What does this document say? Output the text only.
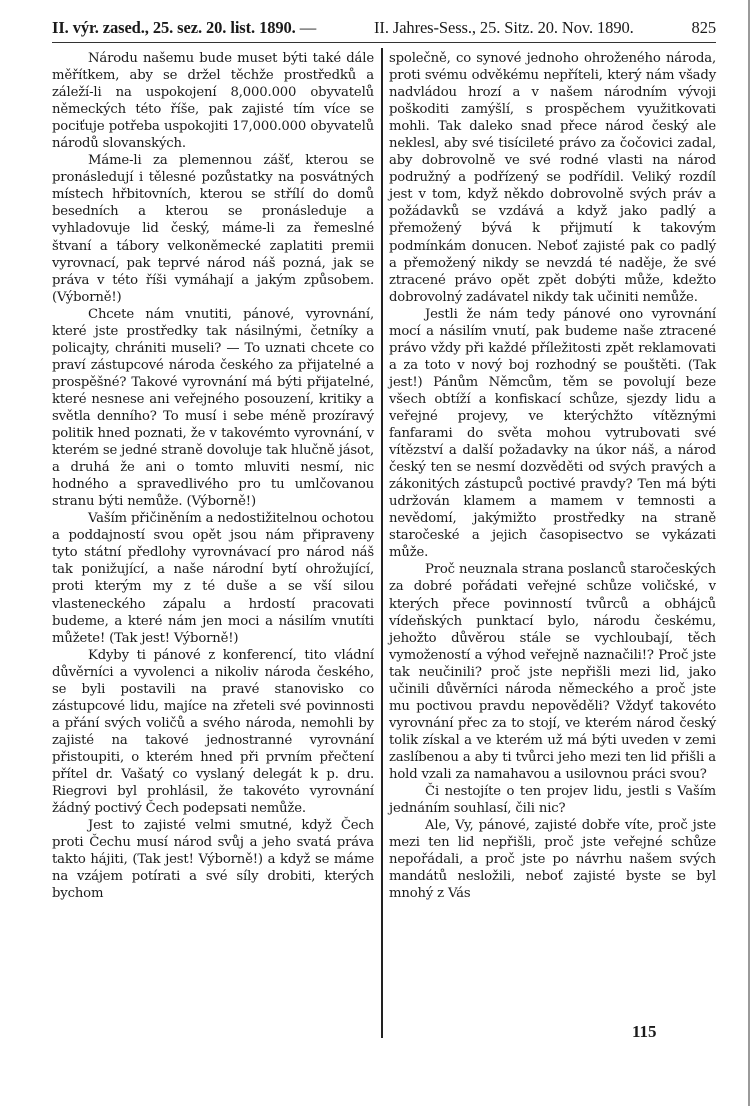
II. výr. zased., 25. sez. 20. list. 1890. —	II. Jahres-Sess., 25. Sitz. 20. Nov. 1890.	825

Národu našemu bude muset býti také dále měřítkem, aby se držel těchže prostředků a záleží-li na uspokojení 8,000.000 obyvatelů německých této říše, pak zajisté tím více se pociťuje potřeba uspokojiti 17,000.000 obyvatelů národů slovanských.

Máme-li za plemennou zášť, kterou se pronásledují i tělesné pozůstatky na posvátných místech hřbitovních, kterou se střílí do domů besedních a kterou se pronásleduje a vyhladovuje lid český, máme-li za řemeslné štvaní a tábory velkoněmecké zaplatiti premii vyrovnací, pak teprvé národ náš pozná, jak se práva v této říši vymáhají a jakým způsobem. (Výborně!)

Chcete nám vnutiti, pánové, vyrovnání, které jste prostředky tak násilnými, četníky a policajty, chrániti museli? — To uznati chcete co praví zástupcové národa českého za přijatelné a prospěšné? Takové vyrovnání má býti přijatelné, které nesnese ani veřejného posouzení, kritiky a světla denního? To musí i sebe méně prozíravý politik hned poznati, že v takovémto vyrovnání, v kterém se jedné straně dovoluje tak hlučně jásot, a druhá že ani o tomto mluviti nesmí, nic hodného a spravedlivého pro tu umlčovanou stranu býti nemůže. (Výborně!)

Vaším přičiněním a nedostižitelnou ochotou a poddajností svou opět jsou nám připraveny tyto státní předlohy vyrovnávací pro národ náš tak ponižující, a naše národní bytí ohrožující, proti kterým my z té duše a se vší silou vlasteneckého zápalu a hrdostí pracovati budeme, a které nám jen moci a násilím vnutíti můžete! (Tak jest! Výborně!)

Kdyby ti pánové z konferencí, tito vládní důvěrníci a vyvolenci a nikoliv národa českého, se byli postavili na pravé stanovisko co zástupcové lidu, majíce na zřeteli své povinnosti a přání svých voličů a svého národa, nemohli by zajisté na takové jednostranné vyrovnání přistoupiti, o kterém hned při prvním přečtení přítel dr. Vašatý co vyslaný delegát k p. dru. Riegrovi byl prohlásil, že takovéto vyrovnání žádný poctivý Čech podepsati nemůže.

Jest to zajisté velmi smutné, když Čech proti Čechu musí národ svůj a jeho svatá práva takto hájiti, (Tak jest! Výborně!) a když se máme na vzájem potírati a své síly drobiti, kterých bychom

společně, co synové jednoho ohroženého národa, proti svému odvěkému nepříteli, který nám všady nadvládou hrozí a v našem národním vývoji poškoditi zamýšlí, s prospěchem využitkovati mohli. Tak daleko snad přece národ český ale neklesl, aby své tisícileté právo za čočovici zadal, aby dobrovolně ve své rodné vlasti na národ podružný a podřízený se podřídil. Veliký rozdíl jest v tom, když někdo dobrovolně svých práv a požádavků se vzdává a když jako padlý a přemožený bývá k přijmutí k takovým podmínkám donucen. Neboť zajisté pak co padlý a přemožený nikdy se nevzdá té naděje, že své ztracené právo opět zpět dobýti může, kdežto dobrovolný zadávatel nikdy tak učiniti nemůže.

Jestli že nám tedy pánové ono vyrovnání mocí a násilím vnutí, pak budeme naše ztracené právo vždy při každé příležitosti zpět reklamovati a za toto v nový boj rozhodný se pouštěti. (Tak jest!) Pánům Němcům, těm se povolují beze všech obtíží a konfiskací schůze, sjezdy lidu a veřejné projevy, ve kterýchžto vítěznými fanfarami do světa mohou vytrubovati své vítězství a další požadavky na úkor náš, a národ český ten se nesmí dozvěděti od svých pravých a zákonitých zástupců poctivé pravdy? Ten má býti udržován klamem a mamem v temnosti a nevědomí, jakýmižto prostředky na straně staročeské a jejich časopisectvo se vykázati může.

Proč neuznala strana poslanců staročeských za dobré pořádati veřejné schůze voličské, v kterých přece povinností tvůrců a obhájců vídeňských punktací bylo, národu českému, jehožto důvěrou stále se vychloubají, těch vymožeností a výhod veřejně naznačili!? Proč jste tak neučinili? proč jste nepřišli mezi lid, jako učinili důvěrníci národa německého a proč jste mu poctivou pravdu nepověděli? Vždyť takovéto vyrovnání přec za to stojí, ve kterém národ český tolik získal a ve kterém už má býti uveden v zemi zaslíbenou a aby ti tvůrci jeho mezi ten lid přišli a hold vzali za namahavou a usilovnou práci svou?

Či nestojíte o ten projev lidu, jestli s Vaším jednáním souhlasí, čili nic?

Ale, Vy, pánové, zajisté dobře víte, proč jste mezi ten lid nepřišli, proč jste veřejné schůze nepořádali, a proč jste po návrhu našem svých mandátů nesložili, neboť zajisté byste se byl mnohý z Vás

115
